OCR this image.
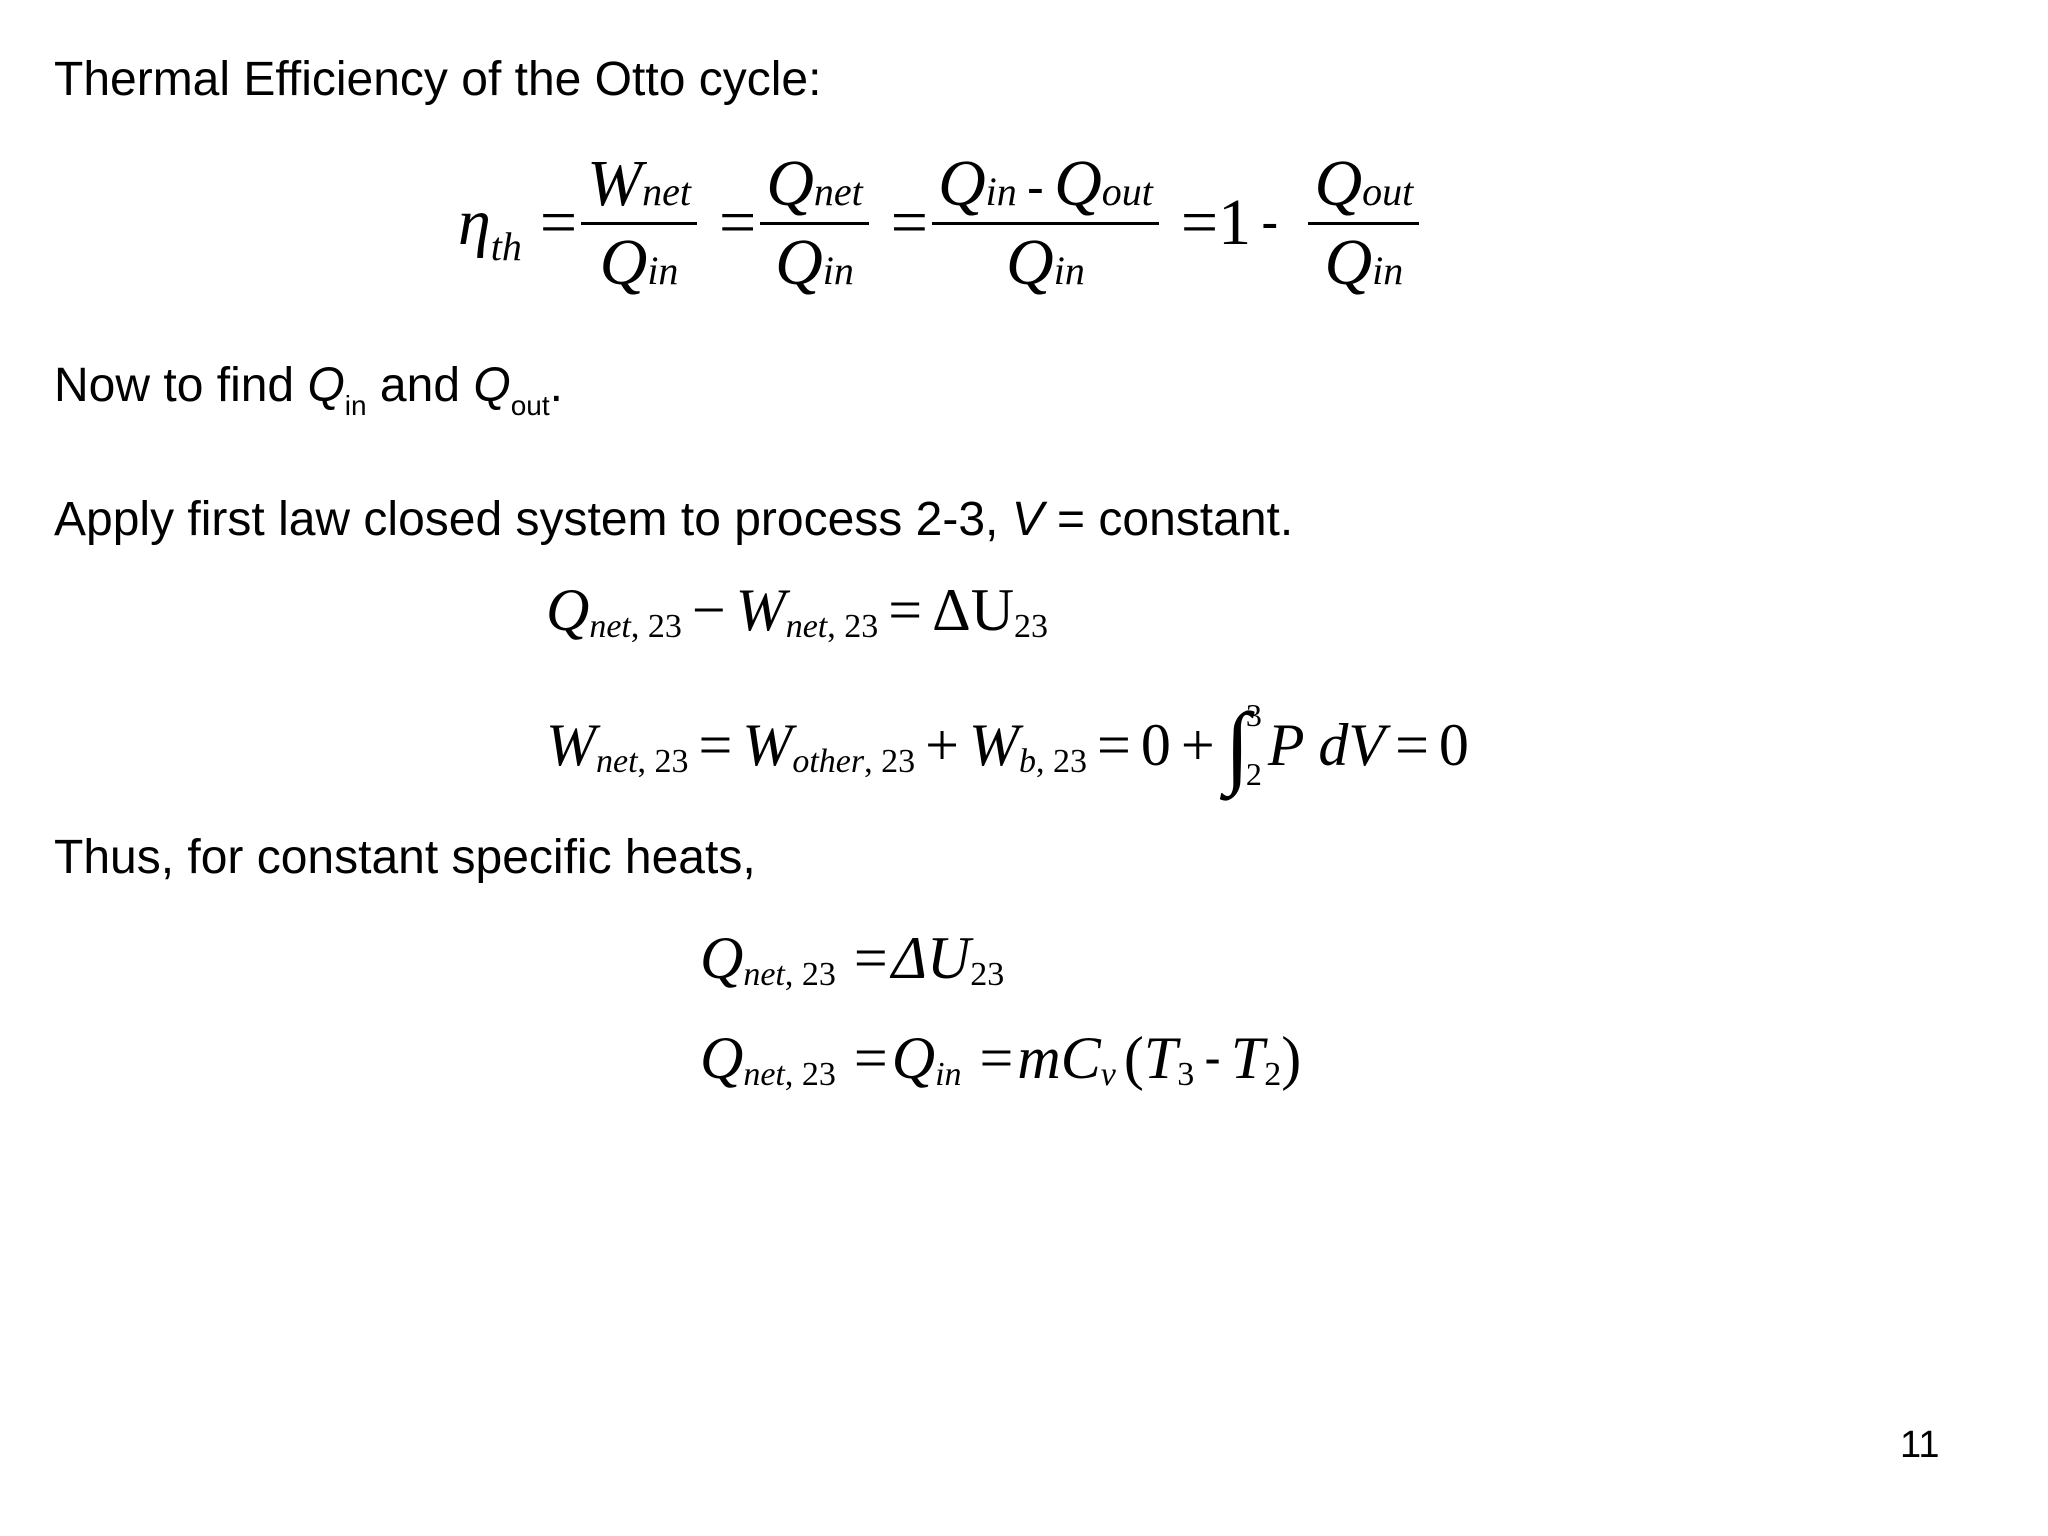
Thermal Efficiency of the Otto cycle:
η th = $\frac{\text{Wnet}}{\text{Qin}} = \frac{\text{Qnet}}{\text{Qin}} = \frac{\text{Qin - Qout}}{\text{Qin}} = 1 - \frac{\text{Qout}}{\text{Qin}}$
Now to find $Q_{in}$ and $Q_{out}$.
Apply first law closed system to process 2-3, V = constant.
Q net, 23 − W net, 23 = ΔU 23
W net, 23 = W other, 23 + W b, 23 = 0 + ∫
3
2 P dV = 0
Thus, for constant specific heats,
Q net, 23 = ΔU 23
Q net, 23 = Q in = mC v ( T 3 - T 2 )
11
